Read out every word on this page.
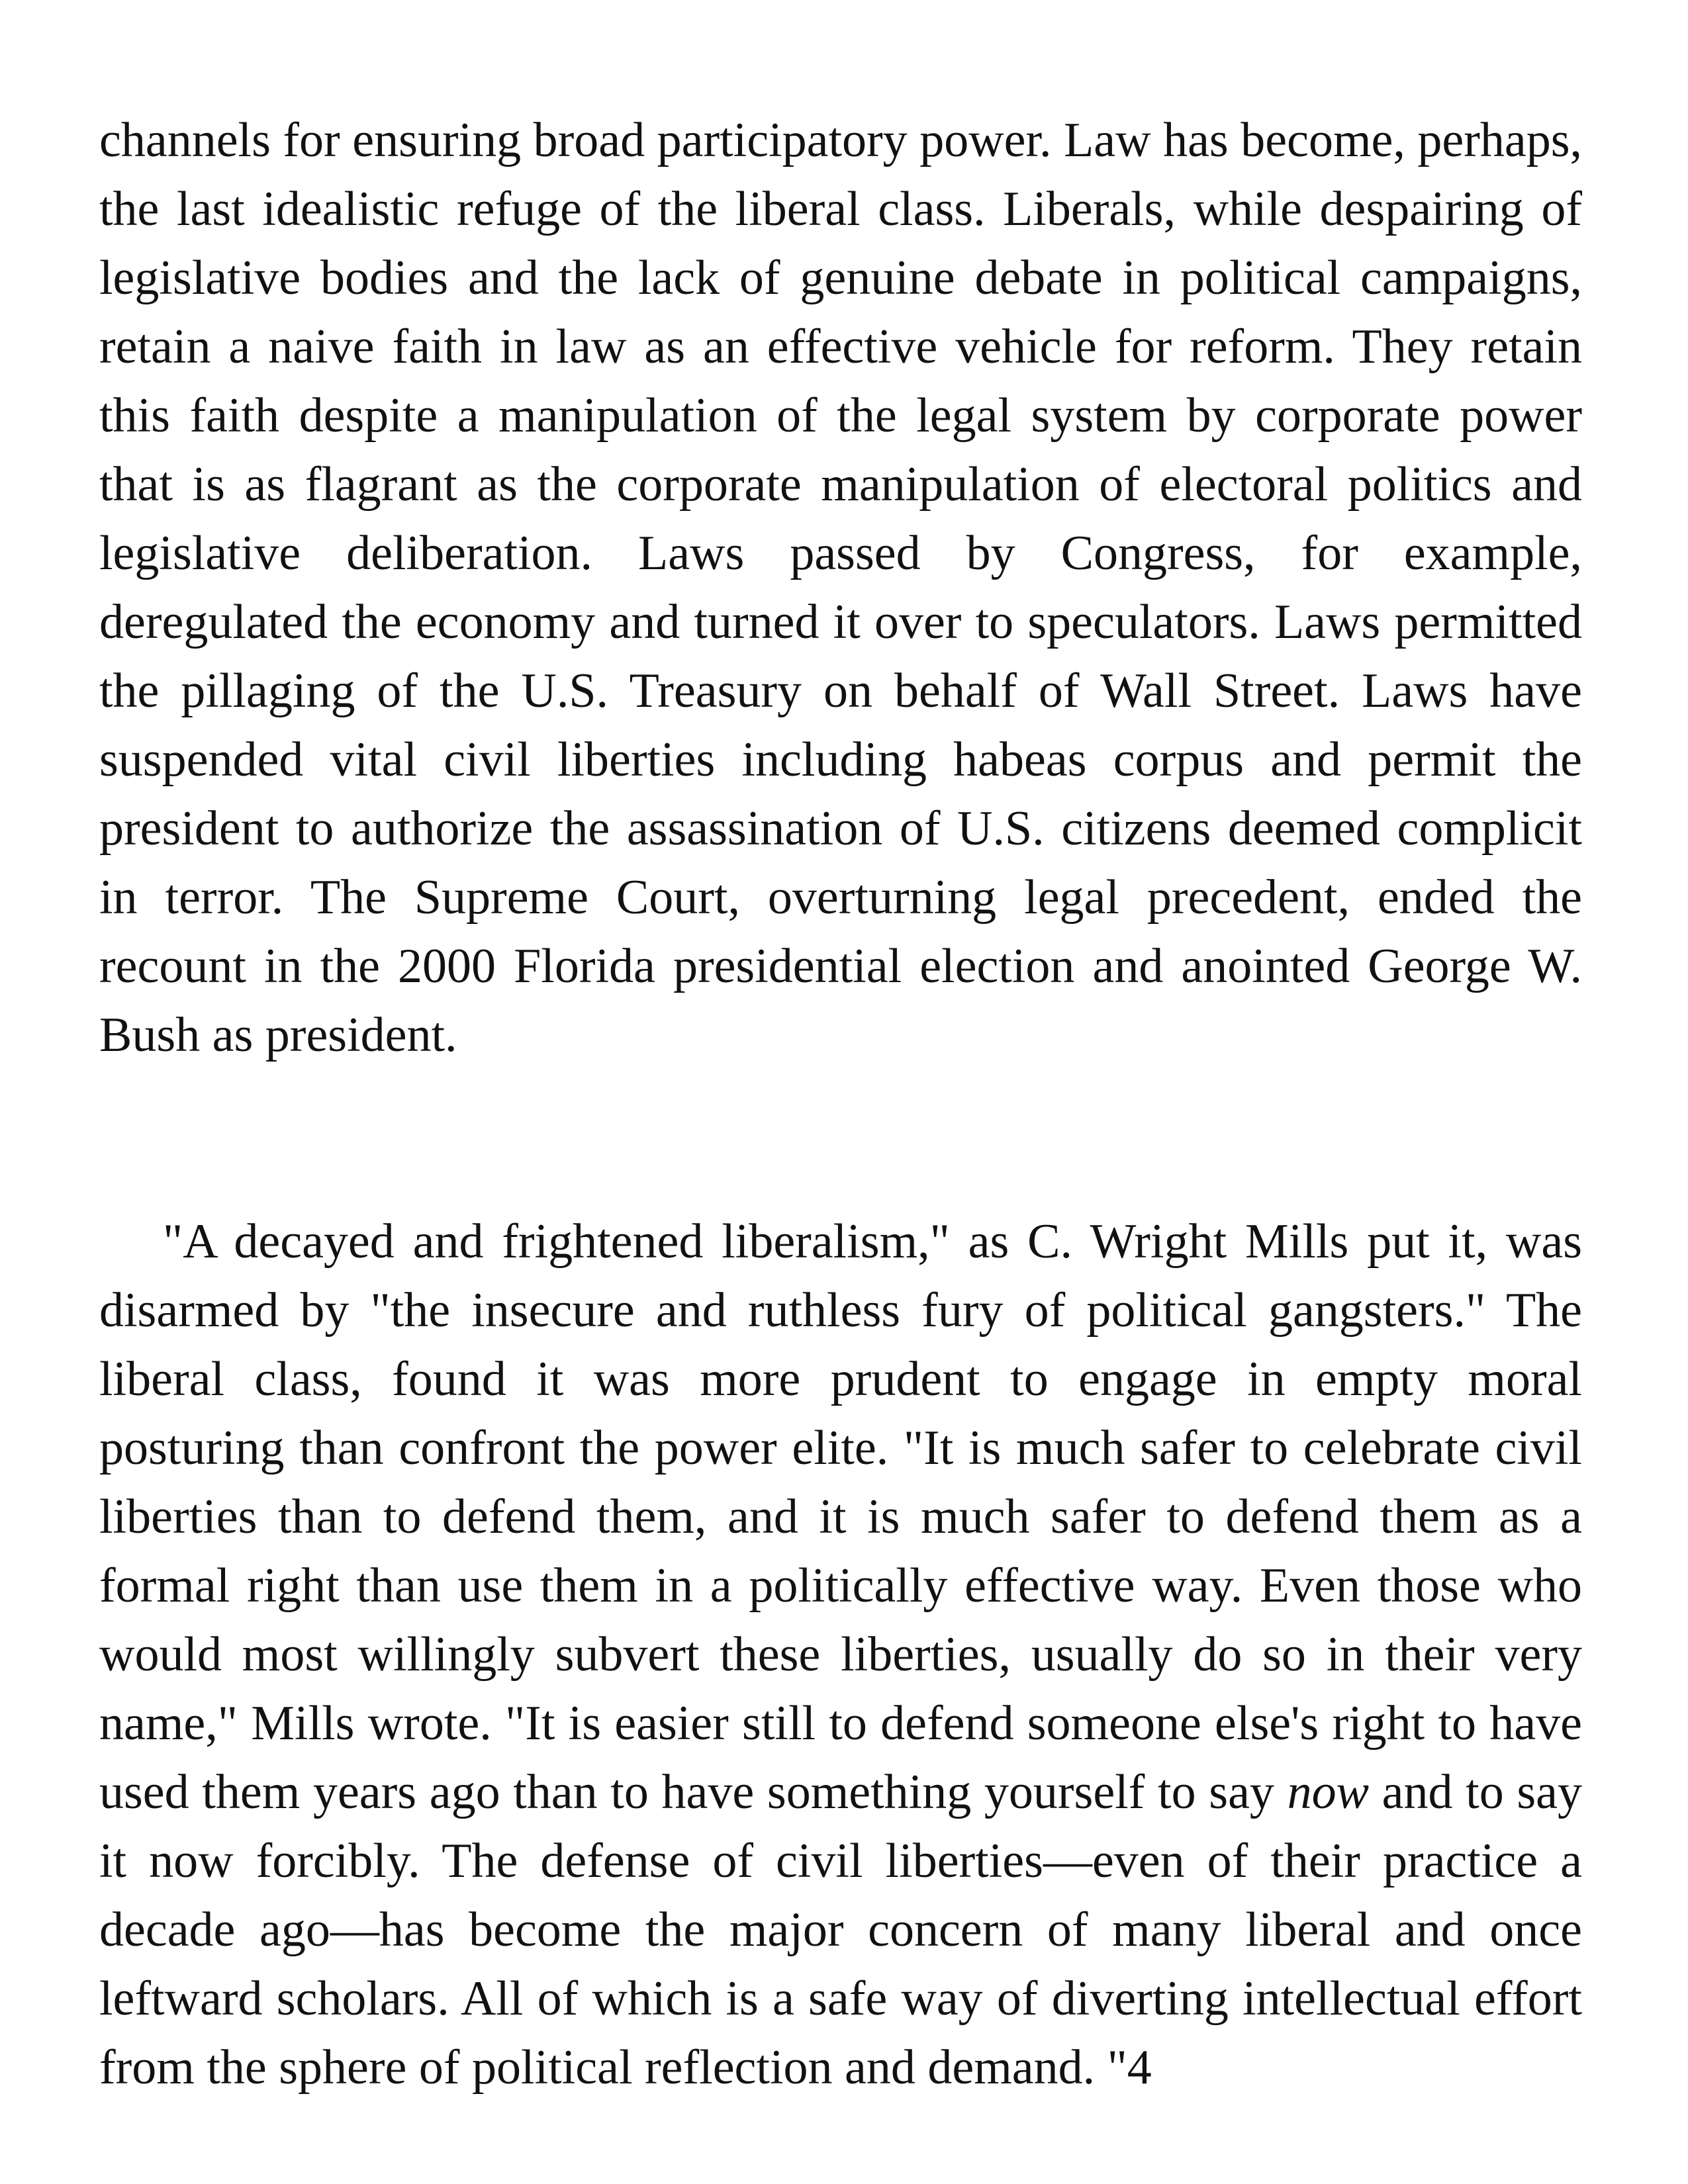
channels for ensuring broad participatory power. Law has become, perhaps, the last idealistic refuge of the liberal class. Liberals, while despairing of legislative bodies and the lack of genuine debate in political campaigns, retain a naive faith in law as an effective vehicle for reform. They retain this faith despite a manipulation of the legal system by corporate power that is as flagrant as the corporate manipulation of electoral politics and legislative deliberation. Laws passed by Congress, for example, deregulated the economy and turned it over to speculators. Laws permitted the pillaging of the U.S. Treasury on behalf of Wall Street. Laws have suspended vital civil liberties including habeas corpus and permit the president to authorize the assassination of U.S. citizens deemed complicit in terror. The Supreme Court, overturning legal precedent, ended the recount in the 2000 Florida presidential election and anointed George W. Bush as president.

"A decayed and frightened liberalism," as C. Wright Mills put it, was disarmed by "the insecure and ruthless fury of political gangsters." The liberal class, found it was more prudent to engage in empty moral posturing than confront the power elite. "It is much safer to celebrate civil liberties than to defend them, and it is much safer to defend them as a formal right than use them in a politically effective way. Even those who would most willingly subvert these liberties, usually do so in their very name," Mills wrote. "It is easier still to defend someone else's right to have used them years ago than to have something yourself to say now and to say it now forcibly. The defense of civil liberties—even of their practice a decade ago—has become the major concern of many liberal and once leftward scholars. All of which is a safe way of diverting intellectual effort from the sphere of political reflection and demand. "4
